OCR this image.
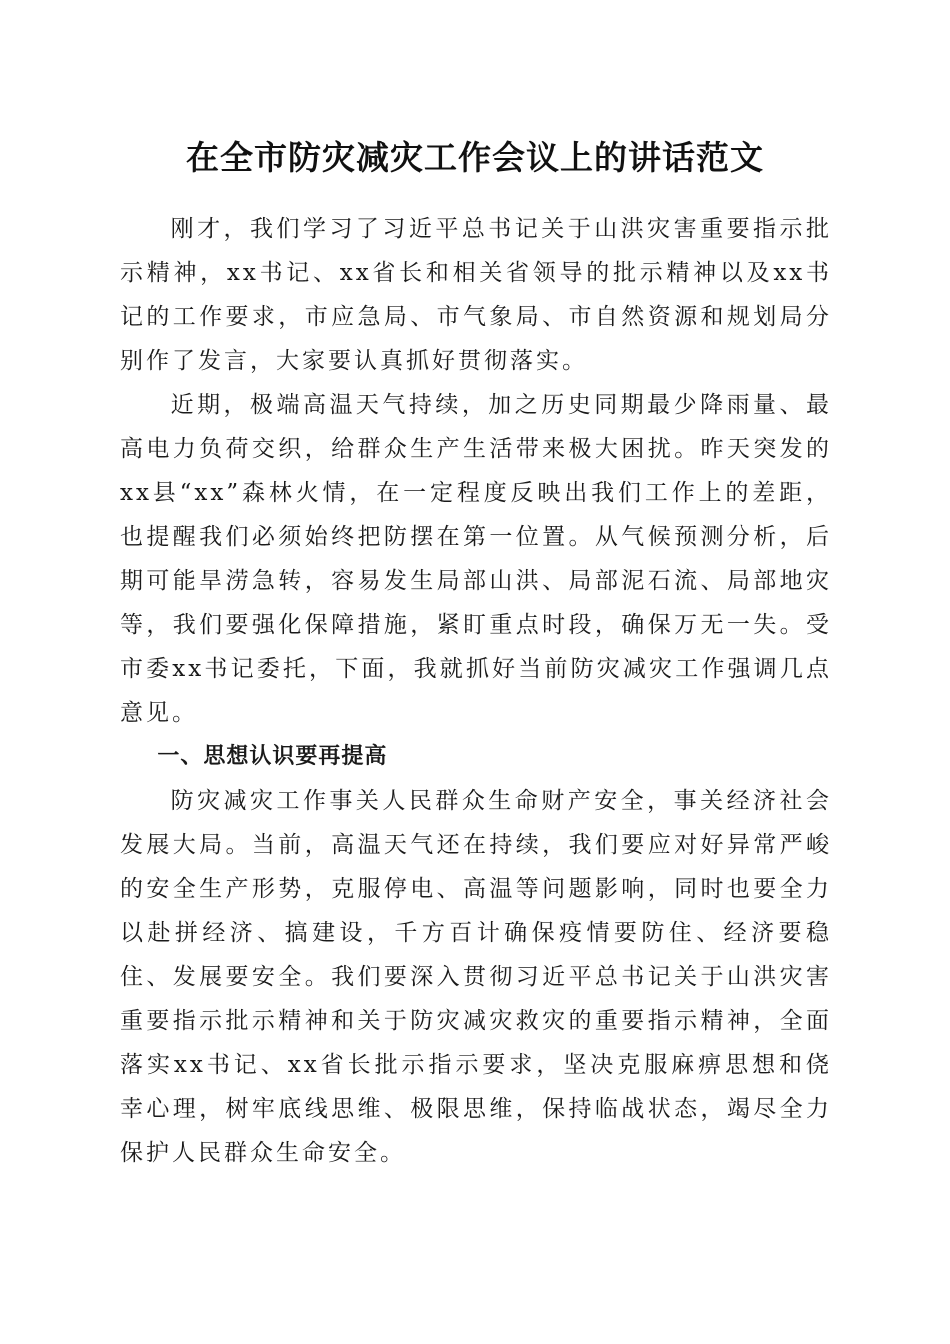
在全市防灾减灾工作会议上的讲话范文

刚才，我们学习了习近平总书记关于山洪灾害重要指示批示精神，xx书记、xx省长和相关省领导的批示精神以及xx书记的工作要求，市应急局、市气象局、市自然资源和规划局分别作了发言，大家要认真抓好贯彻落实。

近期，极端高温天气持续，加之历史同期最少降雨量、最高电力负荷交织，给群众生产生活带来极大困扰。昨天突发的xx县“xx”森林火情，在一定程度反映出我们工作上的差距，也提醒我们必须始终把防摆在第一位置。从气候预测分析，后期可能旱涝急转，容易发生局部山洪、局部泥石流、局部地灾等，我们要强化保障措施，紧盯重点时段，确保万无一失。受市委xx书记委托，下面，我就抓好当前防灾减灾工作强调几点意见。

一、思想认识要再提高

防灾减灾工作事关人民群众生命财产安全，事关经济社会发展大局。当前，高温天气还在持续，我们要应对好异常严峻的安全生产形势，克服停电、高温等问题影响，同时也要全力以赴拼经济、搞建设，千方百计确保疫情要防住、经济要稳住、发展要安全。我们要深入贯彻习近平总书记关于山洪灾害重要指示批示精神和关于防灾减灾救灾的重要指示精神，全面落实xx书记、xx省长批示指示要求，坚决克服麻痹思想和侥幸心理，树牢底线思维、极限思维，保持临战状态，竭尽全力保护人民群众生命安全。
